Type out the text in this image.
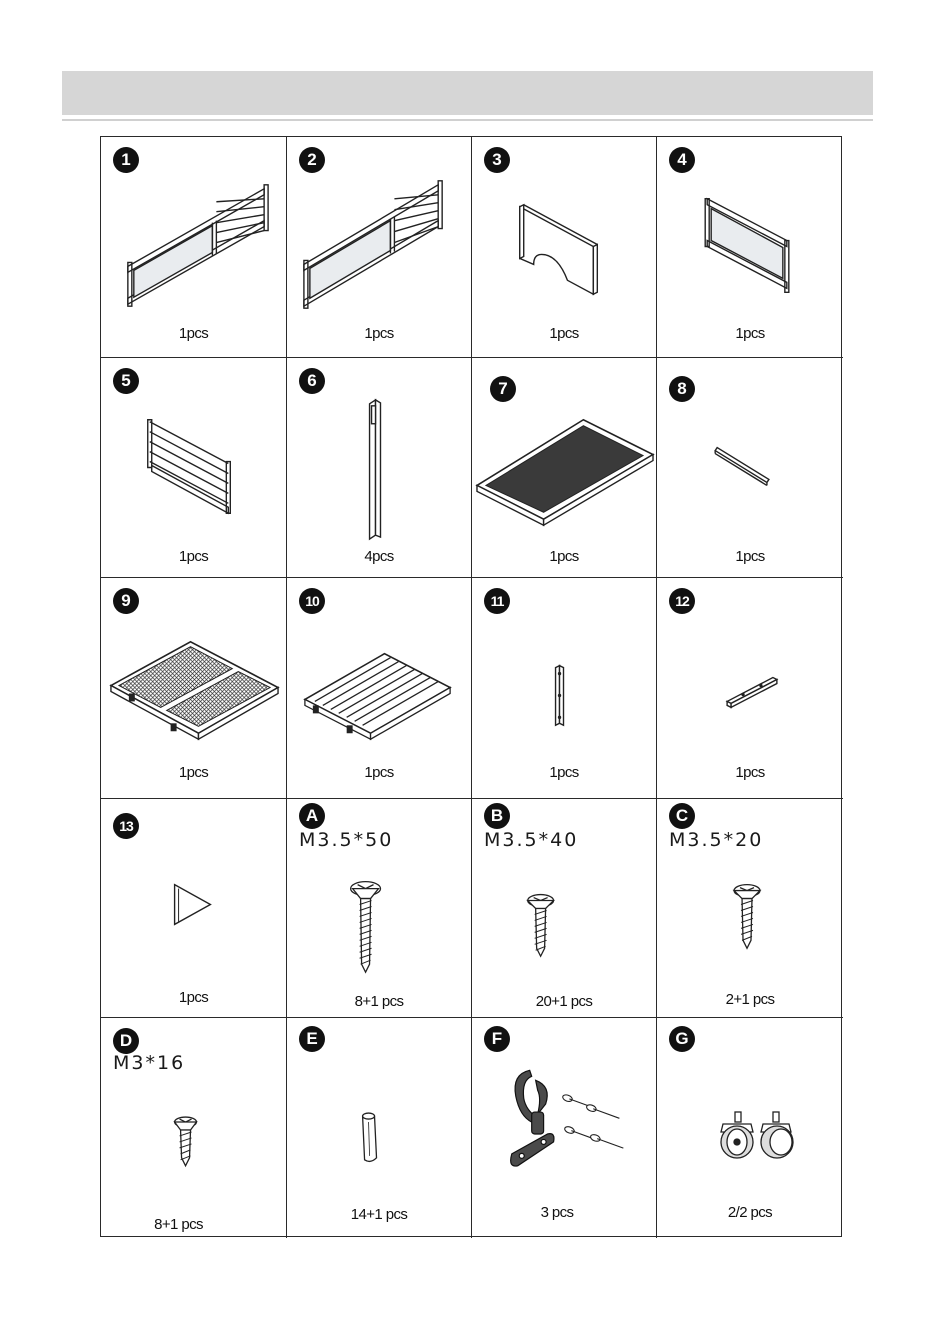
1
1pcs
2
1pcs
3
1pcs
4
1pcs
5
1pcs
6
4pcs
7
1pcs
8
1pcs
9
1pcs
10
1pcs
11
1pcs
12
1pcs
13
1pcs
A
M3.5*50
8+1 pcs
B
M3.5*40
20+1 pcs
C
M3.5*20
2+1 pcs
D
M3*16
8+1 pcs
E
14+1 pcs
F
3 pcs
G
2/2 pcs
